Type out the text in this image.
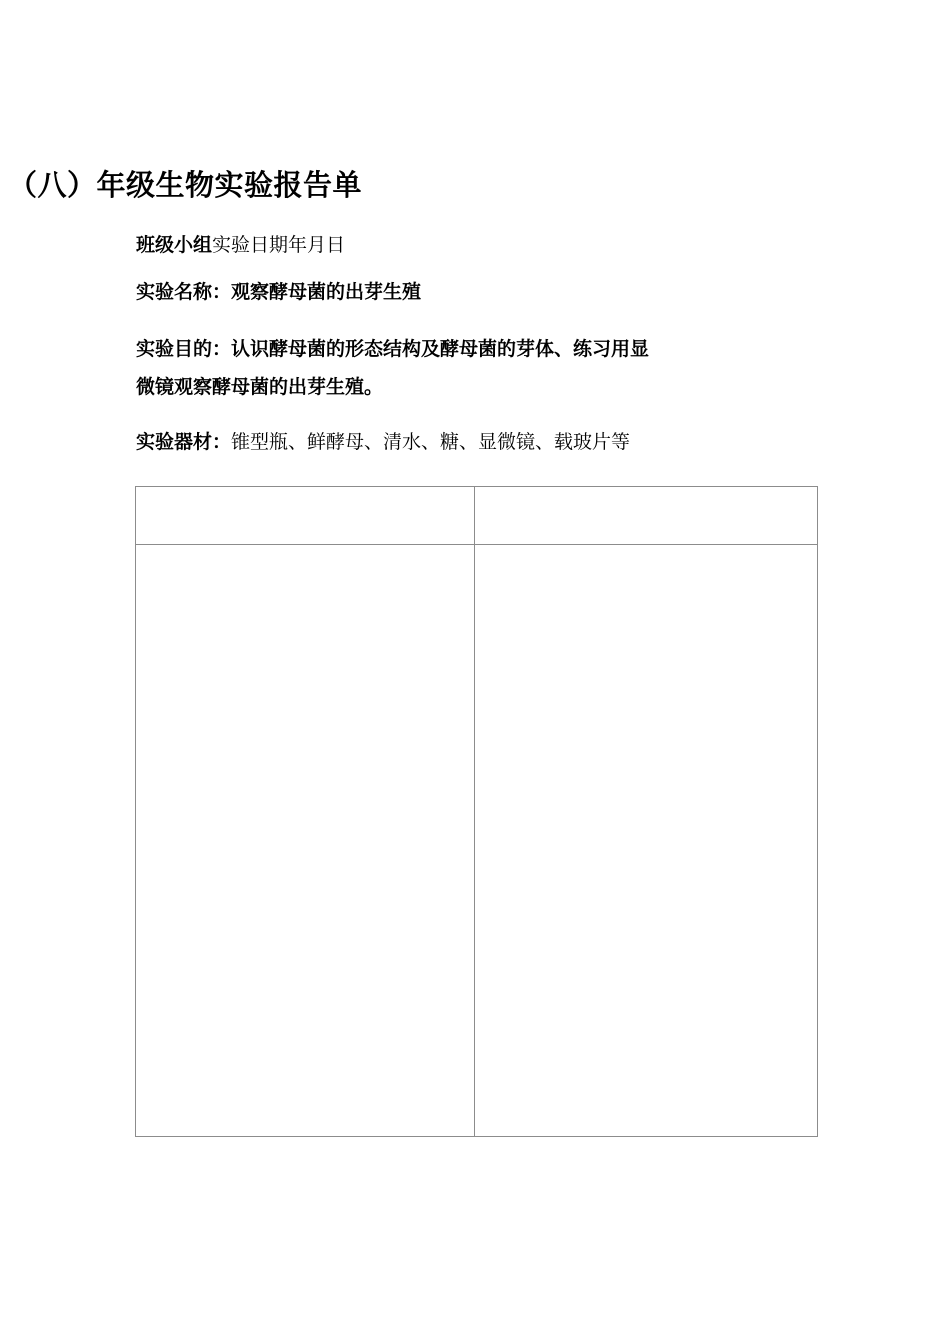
（八）年级生物实验报告单
班级小组实验日期年月日
实验名称：观察酵母菌的出芽生殖
实验目的：认识酵母菌的形态结构及酵母菌的芽体、练习用显
微镜观察酵母菌的出芽生殖。
实验器材：锥型瓶、鲜酵母、清水、糖、显微镜、载玻片等
